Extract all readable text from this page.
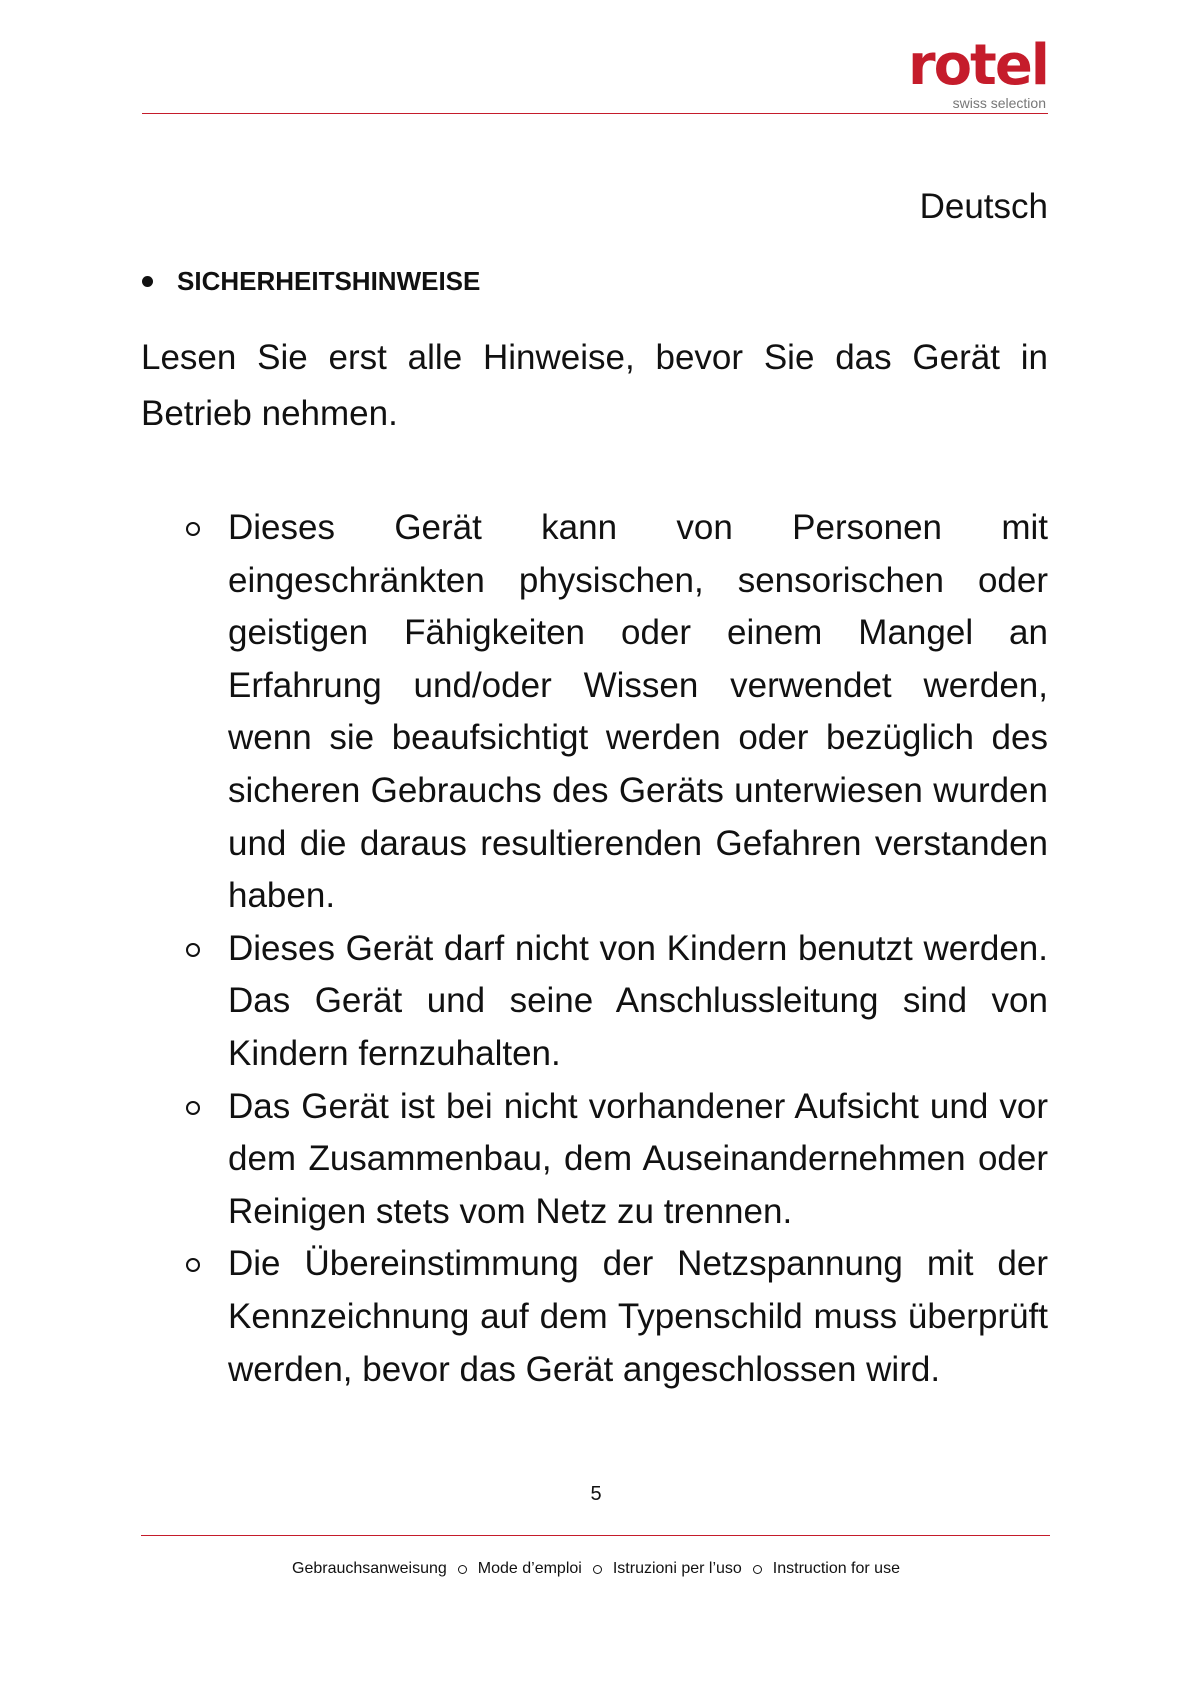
rotel
swiss selection
Deutsch
SICHERHEITSHINWEISE

Lesen Sie erst alle Hinweise, bevor Sie das Gerät in Betrieb nehmen.

Dieses Gerät kann von Personen mit eingeschränkten physischen, sensorischen oder geistigen Fähigkeiten oder einem Mangel an Erfahrung und/oder Wissen verwendet werden, wenn sie beaufsichtigt werden oder bezüglich des sicheren Gebrauchs des Geräts unterwiesen wurden und die daraus resultierenden Gefahren verstanden haben.
Dieses Gerät darf nicht von Kindern benutzt werden. Das Gerät und seine Anschlussleitung sind von Kindern fernzuhalten.
Das Gerät ist bei nicht vorhandener Aufsicht und vor dem Zusammenbau, dem Auseinandernehmen oder Reinigen stets vom Netz zu trennen.
Die Übereinstimmung der Netzspannung mit der Kennzeichnung auf dem Typenschild muss überprüft werden, bevor das Gerät angeschlossen wird.
5
Gebrauchsanweisung Mode d’emploi Istruzioni per l’uso Instruction for use
